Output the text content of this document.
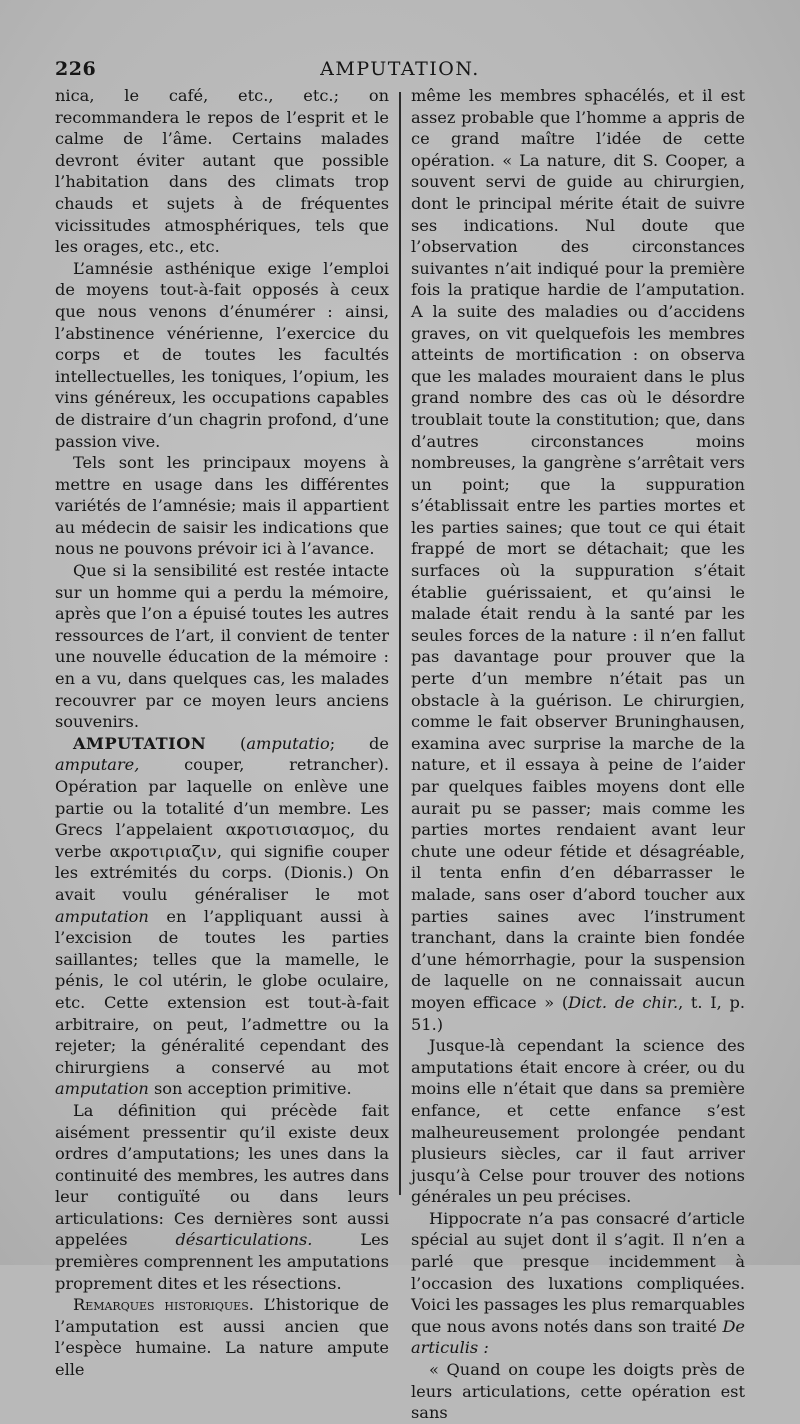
226	AMPUTATION.

nica, le café, etc., etc.; on recommandera le repos de l’esprit et le calme de l’âme. Certains malades devront éviter autant que possible l’habitation dans des climats trop chauds et sujets à de fréquentes vicissitudes atmosphériques, tels que les orages, etc., etc.

L’amnésie asthénique exige l’emploi de moyens tout-à-fait opposés à ceux que nous venons d’énumérer : ainsi, l’abstinence vénérienne, l’exercice du corps et de toutes les facultés intellectuelles, les toniques, l’opium, les vins généreux, les occupations capables de distraire d’un chagrin profond, d’une passion vive.

Tels sont les principaux moyens à mettre en usage dans les différentes variétés de l’amnésie; mais il appartient au médecin de saisir les indications que nous ne pouvons prévoir ici à l’avance.

Que si la sensibilité est restée intacte sur un homme qui a perdu la mémoire, après que l’on a épuisé toutes les autres ressources de l’art, il convient de tenter une nouvelle éducation de la mémoire : en a vu, dans quelques cas, les malades recouvrer par ce moyen leurs anciens souvenirs.

AMPUTATION (amputatio; de amputare, couper, retrancher). Opération par laquelle on enlève une partie ou la totalité d’un membre. Les Grecs l’appelaient ακροτισιασμος, du verbe ακροτιριαζιν, qui signifie couper les extrémités du corps. (Dionis.) On avait voulu généraliser le mot amputation en l’appliquant aussi à l’excision de toutes les parties saillantes; telles que la mamelle, le pénis, le col utérin, le globe oculaire, etc. Cette extension est tout-à-fait arbitraire, on peut, l’admettre ou la rejeter; la généralité cependant des chirurgiens a conservé au mot amputation son acception primitive.

La définition qui précède fait aisément pressentir qu’il existe deux ordres d’amputations; les unes dans la continuité des membres, les autres dans leur contiguïté ou dans leurs articulations: Ces dernières sont aussi appelées désarticulations. Les premières comprennent les amputations proprement dites et les résections.

Remarques historiques. L’historique de l’amputation est aussi ancien que l’espèce humaine. La nature ampute elle

même les membres sphacélés, et il est assez probable que l’homme a appris de ce grand maître l’idée de cette opération. « La nature, dit S. Cooper, a souvent servi de guide au chirurgien, dont le principal mérite était de suivre ses indications. Nul doute que l’observation des circonstances suivantes n’ait indiqué pour la première fois la pratique hardie de l’amputation. A la suite des maladies ou d’accidens graves, on vit quelquefois les membres atteints de mortification : on observa que les malades mouraient dans le plus grand nombre des cas où le désordre troublait toute la constitution; que, dans d’autres circonstances moins nombreuses, la gangrène s’arrêtait vers un point; que la suppuration s’établissait entre les parties mortes et les parties saines; que tout ce qui était frappé de mort se détachait; que les surfaces où la suppuration s’était établie guérissaient, et qu’ainsi le malade était rendu à la santé par les seules forces de la nature : il n’en fallut pas davantage pour prouver que la perte d’un membre n’était pas un obstacle à la guérison. Le chirurgien, comme le fait observer Bruninghausen, examina avec surprise la marche de la nature, et il essaya à peine de l’aider par quelques faibles moyens dont elle aurait pu se passer; mais comme les parties mortes rendaient avant leur chute une odeur fétide et désagréable, il tenta enfin d’en débarrasser le malade, sans oser d’abord toucher aux parties saines avec l’instrument tranchant, dans la crainte bien fondée d’une hémorrhagie, pour la suspension de laquelle on ne connaissait aucun moyen efficace » (Dict. de chir., t. I, p. 51.)

Jusque-là cependant la science des amputations était encore à créer, ou du moins elle n’était que dans sa première enfance, et cette enfance s’est malheureusement prolongée pendant plusieurs siècles, car il faut arriver jusqu’à Celse pour trouver des notions générales un peu précises.

Hippocrate n’a pas consacré d’article spécial au sujet dont il s’agit. Il n’en a parlé que presque incidemment à l’occasion des luxations compliquées. Voici les passages les plus remarquables que nous avons notés dans son traité De articulis :

« Quand on coupe les doigts près de leurs articulations, cette opération est sans
